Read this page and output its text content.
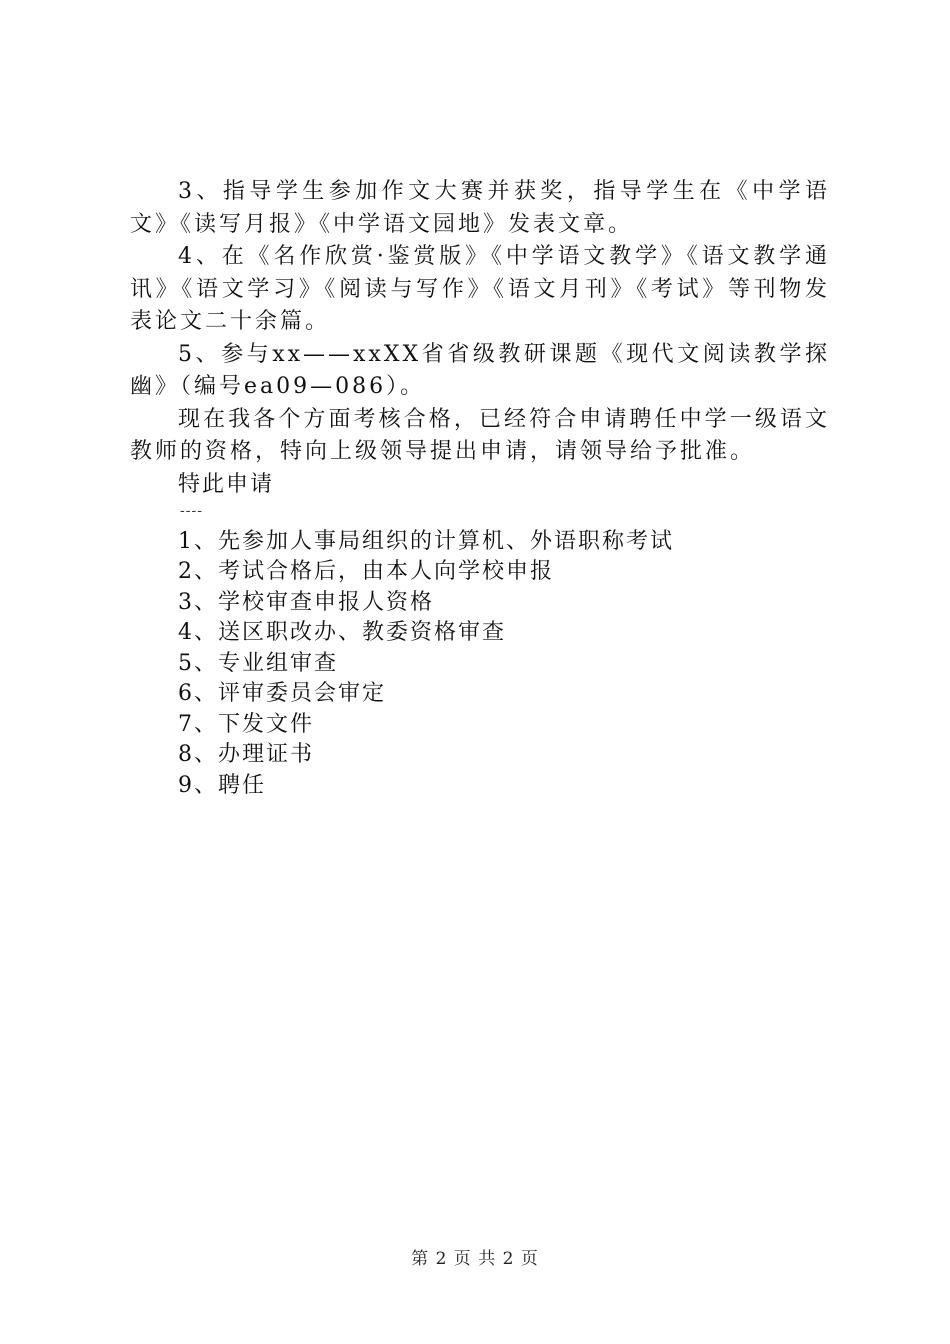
3、指导学生参加作文大赛并获奖，指导学生在《中学语文》《读写月报》《中学语文园地》发表文章。

4、在《名作欣赏·鉴赏版》《中学语文教学》《语文教学通讯》《语文学习》《阅读与写作》《语文月刊》《考试》等刊物发表论文二十余篇。

5、参与xx——xxXX省省级教研课题《现代文阅读教学探幽》（编号ea09—086）。

现在我各个方面考核合格，已经符合申请聘任中学一级语文教师的资格，特向上级领导提出申请，请领导给予批准。

特此申请

----

1、先参加人事局组织的计算机、外语职称考试

2、考试合格后，由本人向学校申报

3、学校审查申报人资格

4、送区职改办、教委资格审查

5、专业组审查

6、评审委员会审定

7、下发文件

8、办理证书

9、聘任

第 2 页 共 2 页
